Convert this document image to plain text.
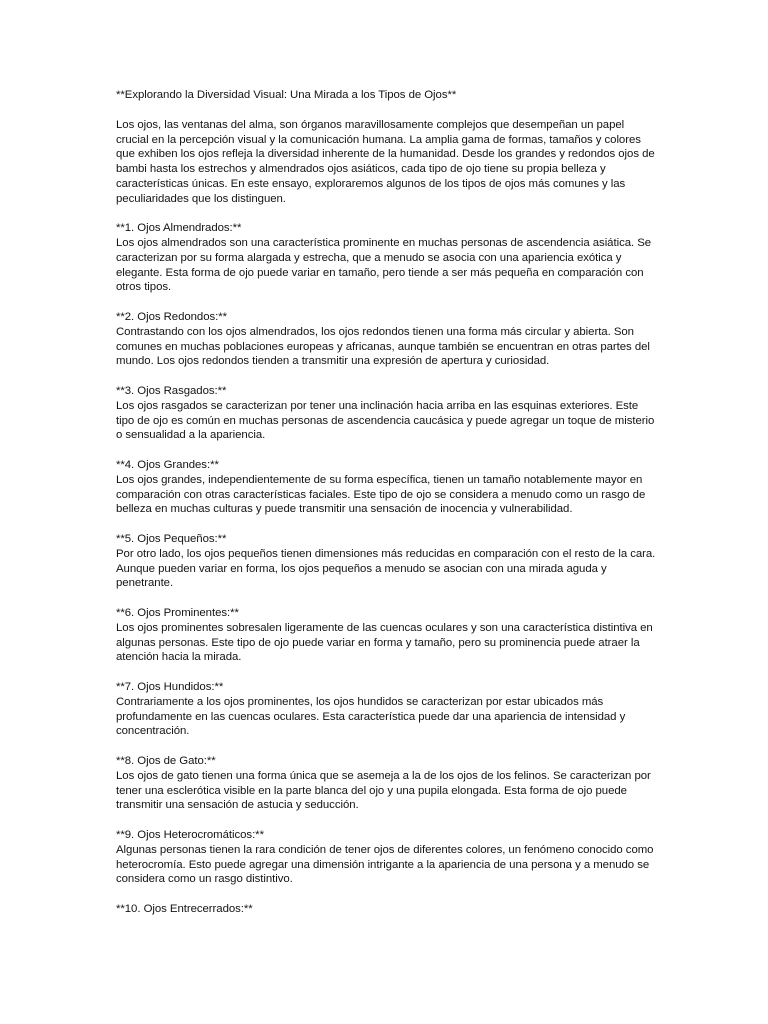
**Explorando la Diversidad Visual: Una Mirada a los Tipos de Ojos**

Los ojos, las ventanas del alma, son órganos maravillosamente complejos que desempeñan un papel crucial en la percepción visual y la comunicación humana. La amplia gama de formas, tamaños y colores que exhiben los ojos refleja la diversidad inherente de la humanidad. Desde los grandes y redondos ojos de bambi hasta los estrechos y almendrados ojos asiáticos, cada tipo de ojo tiene su propia belleza y características únicas. En este ensayo, exploraremos algunos de los tipos de ojos más comunes y las peculiaridades que los distinguen.

**1. Ojos Almendrados:**
Los ojos almendrados son una característica prominente en muchas personas de ascendencia asiática. Se caracterizan por su forma alargada y estrecha, que a menudo se asocia con una apariencia exótica y elegante. Esta forma de ojo puede variar en tamaño, pero tiende a ser más pequeña en comparación con otros tipos.
**2. Ojos Redondos:**
Contrastando con los ojos almendrados, los ojos redondos tienen una forma más circular y abierta. Son comunes en muchas poblaciones europeas y africanas, aunque también se encuentran en otras partes del mundo. Los ojos redondos tienden a transmitir una expresión de apertura y curiosidad.
**3. Ojos Rasgados:**
Los ojos rasgados se caracterizan por tener una inclinación hacia arriba en las esquinas exteriores. Este tipo de ojo es común en muchas personas de ascendencia caucásica y puede agregar un toque de misterio o sensualidad a la apariencia.
**4. Ojos Grandes:**
Los ojos grandes, independientemente de su forma específica, tienen un tamaño notablemente mayor en comparación con otras características faciales. Este tipo de ojo se considera a menudo como un rasgo de belleza en muchas culturas y puede transmitir una sensación de inocencia y vulnerabilidad.
**5. Ojos Pequeños:**
Por otro lado, los ojos pequeños tienen dimensiones más reducidas en comparación con el resto de la cara. Aunque pueden variar en forma, los ojos pequeños a menudo se asocian con una mirada aguda y penetrante.
**6. Ojos Prominentes:**
Los ojos prominentes sobresalen ligeramente de las cuencas oculares y son una característica distintiva en algunas personas. Este tipo de ojo puede variar en forma y tamaño, pero su prominencia puede atraer la atención hacia la mirada.
**7. Ojos Hundidos:**
Contrariamente a los ojos prominentes, los ojos hundidos se caracterizan por estar ubicados más profundamente en las cuencas oculares. Esta característica puede dar una apariencia de intensidad y concentración.
**8. Ojos de Gato:**
Los ojos de gato tienen una forma única que se asemeja a la de los ojos de los felinos. Se caracterizan por tener una esclerótica visible en la parte blanca del ojo y una pupila elongada. Esta forma de ojo puede transmitir una sensación de astucia y seducción.
**9. Ojos Heterocromáticos:**
Algunas personas tienen la rara condición de tener ojos de diferentes colores, un fenómeno conocido como heterocromía. Esto puede agregar una dimensión intrigante a la apariencia de una persona y a menudo se considera como un rasgo distintivo.
**10. Ojos Entrecerrados:**
